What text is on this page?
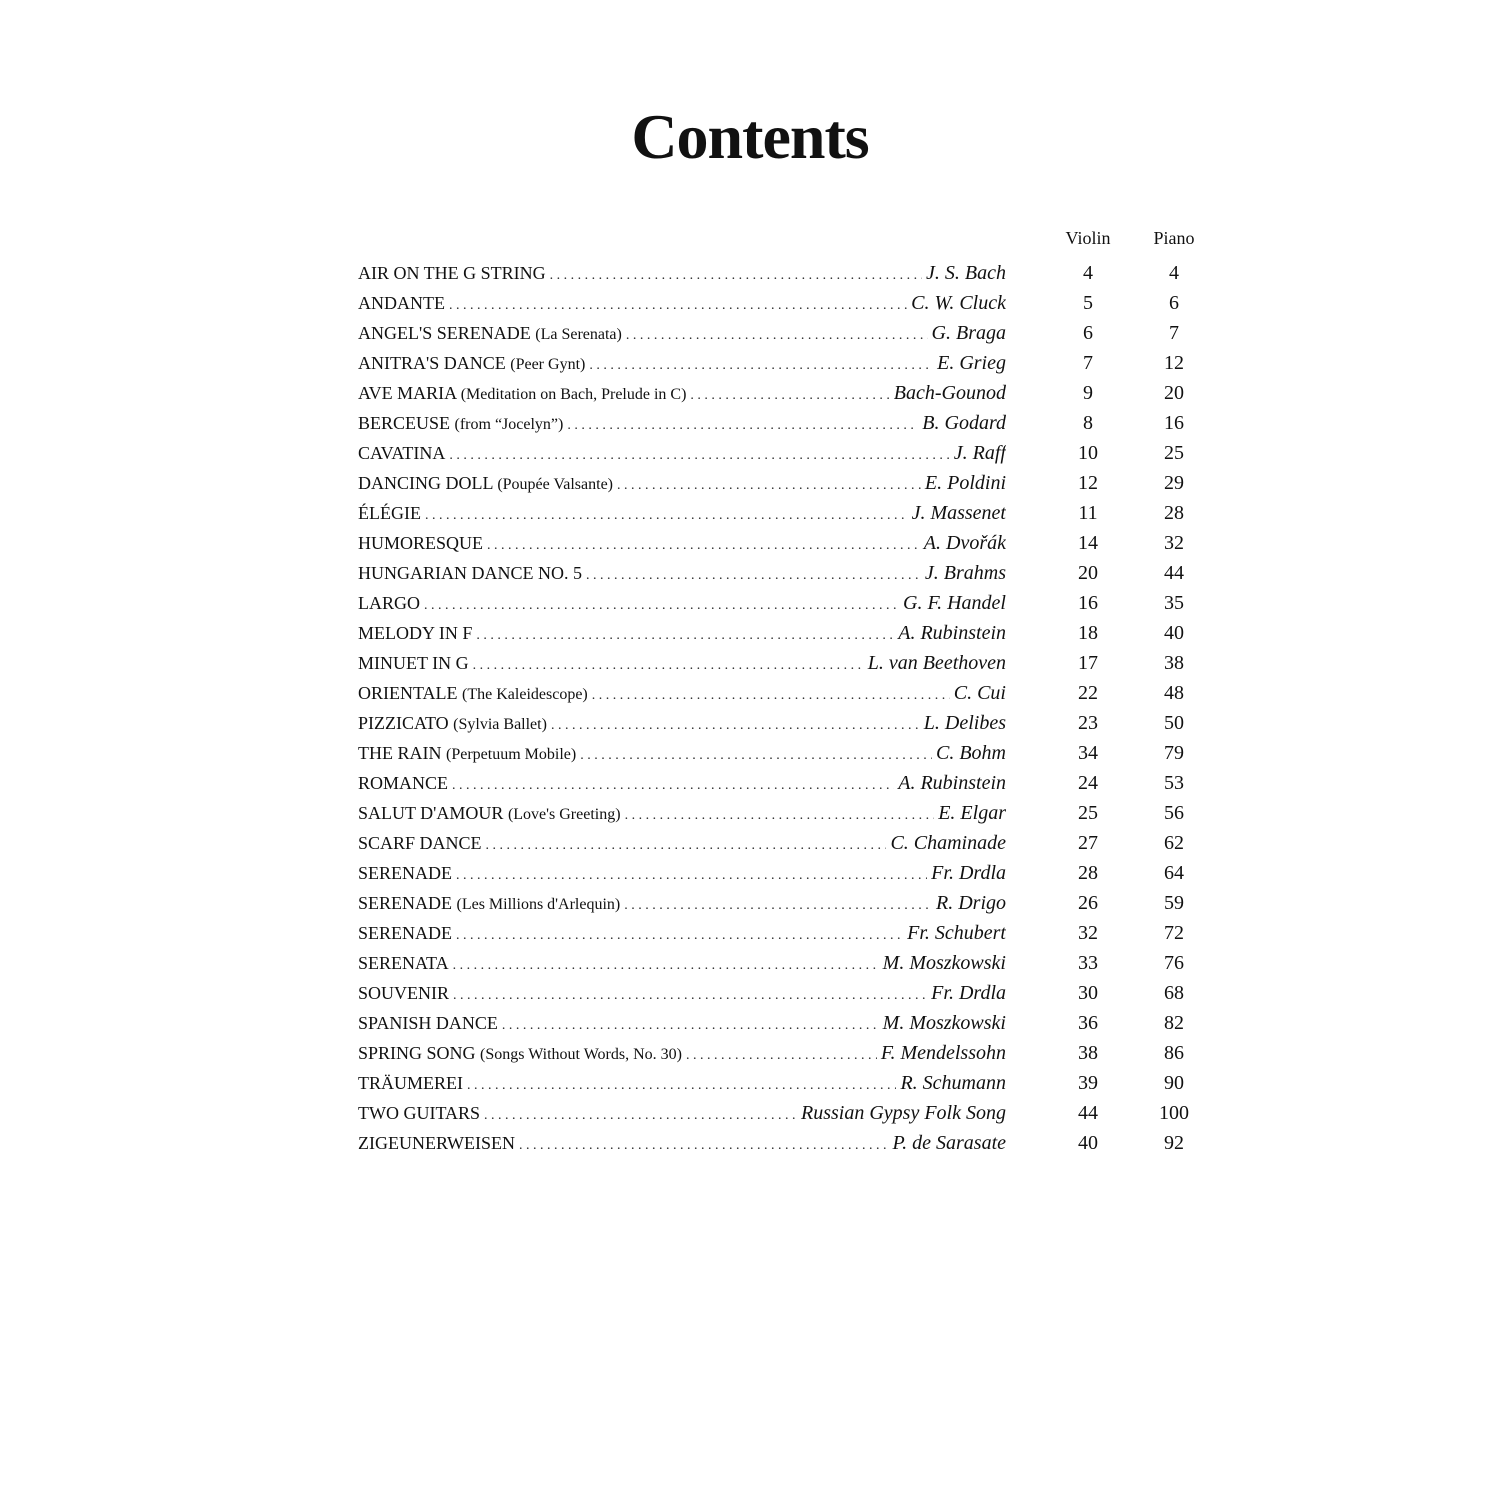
Contents
Violin	Piano
AIR ON THE G STRING . . .	J. S. Bach	4	4
ANDANTE . . .	C. W. Cluck	5	6
ANGEL'S SERENADE (La Serenata) . . .	G. Braga	6	7
ANITRA'S DANCE (Peer Gynt) . . .	E. Grieg	7	12
AVE MARIA (Meditation on Bach, Prelude in C) . . .	Bach-Gounod	9	20
BERCEUSE (from “Jocelyn”) . . .	B. Godard	8	16
CAVATINA . . .	J. Raff	10	25
DANCING DOLL (Poupée Valsante) . . .	E. Poldini	12	29
ÉLÉGIE . . .	J. Massenet	11	28
HUMORESQUE . . .	A. Dvořák	14	32
HUNGARIAN DANCE NO. 5 . . .	J. Brahms	20	44
LARGO . . .	G. F. Handel	16	35
MELODY IN F . . .	A. Rubinstein	18	40
MINUET IN G . . .	L. van Beethoven	17	38
ORIENTALE (The Kaleidescope) . . .	C. Cui	22	48
PIZZICATO (Sylvia Ballet) . . .	L. Delibes	23	50
THE RAIN (Perpetuum Mobile) . . .	C. Bohm	34	79
ROMANCE . . .	A. Rubinstein	24	53
SALUT D'AMOUR (Love's Greeting) . . .	E. Elgar	25	56
SCARF DANCE . . .	C. Chaminade	27	62
SERENADE . . .	Fr. Drdla	28	64
SERENADE (Les Millions d'Arlequin) . . .	R. Drigo	26	59
SERENADE . . .	Fr. Schubert	32	72
SERENATA . . .	M. Moszkowski	33	76
SOUVENIR . . .	Fr. Drdla	30	68
SPANISH DANCE . . .	M. Moszkowski	36	82
SPRING SONG (Songs Without Words, No. 30) . . .	F. Mendelssohn	38	86
TRÄUMEREI . . .	R. Schumann	39	90
TWO GUITARS . . .	Russian Gypsy Folk Song	44	100
ZIGEUNERWEISEN . . .	P. de Sarasate	40	92
